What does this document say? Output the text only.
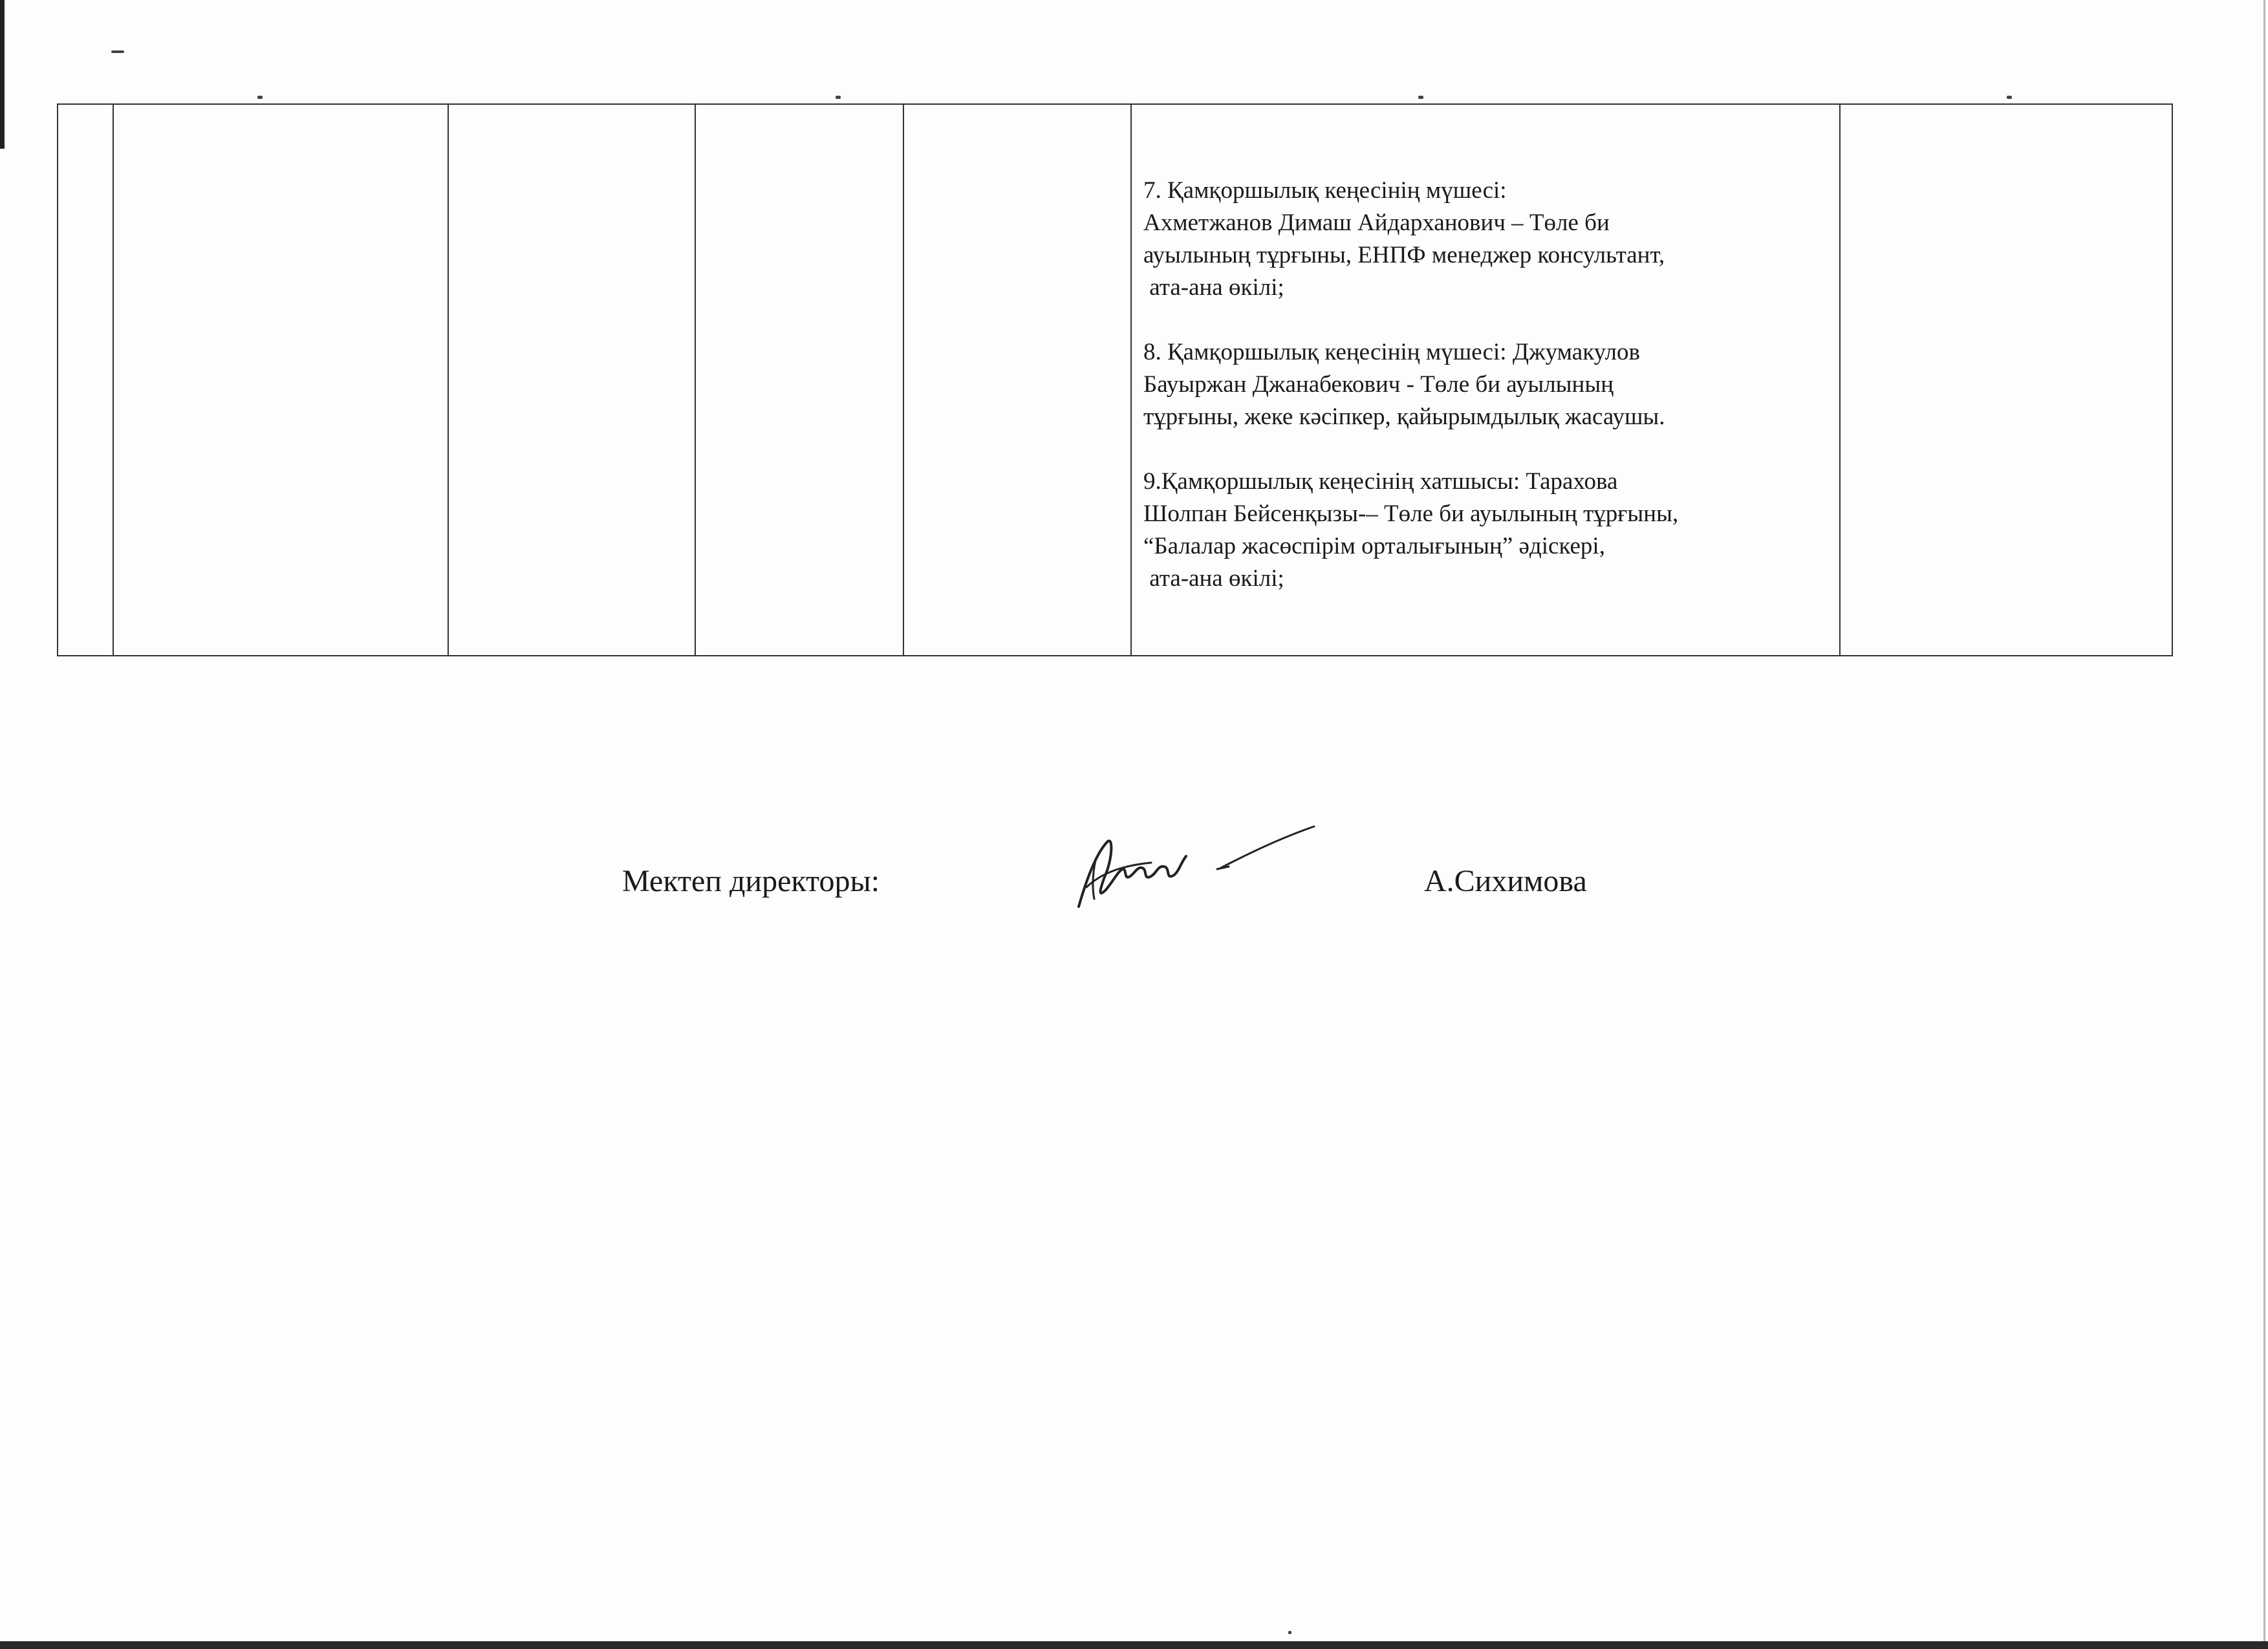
7. Қамқоршылық кеңесінің мүшесі:

Ахметжанов Димаш Айдарханович – Төле би

ауылының тұрғыны, ЕНПФ менеджер консультант,

ата-ана өкілі;

8. Қамқоршылық кеңесінің мүшесі: Джумакулов

Бауыржан Джанабекович - Төле би ауылының

тұрғыны, жеке кәсіпкер, қайырымдылық жасаушы.

9.Қамқоршылық кеңесінің хатшысы: Тарахова

Шолпан Бейсенқызы-– Төле би ауылының тұрғыны,

“Балалар жасөспірім орталығының” әдіскері,

ата-ана өкілі;

Мектеп директоры:	А.Сихимова
